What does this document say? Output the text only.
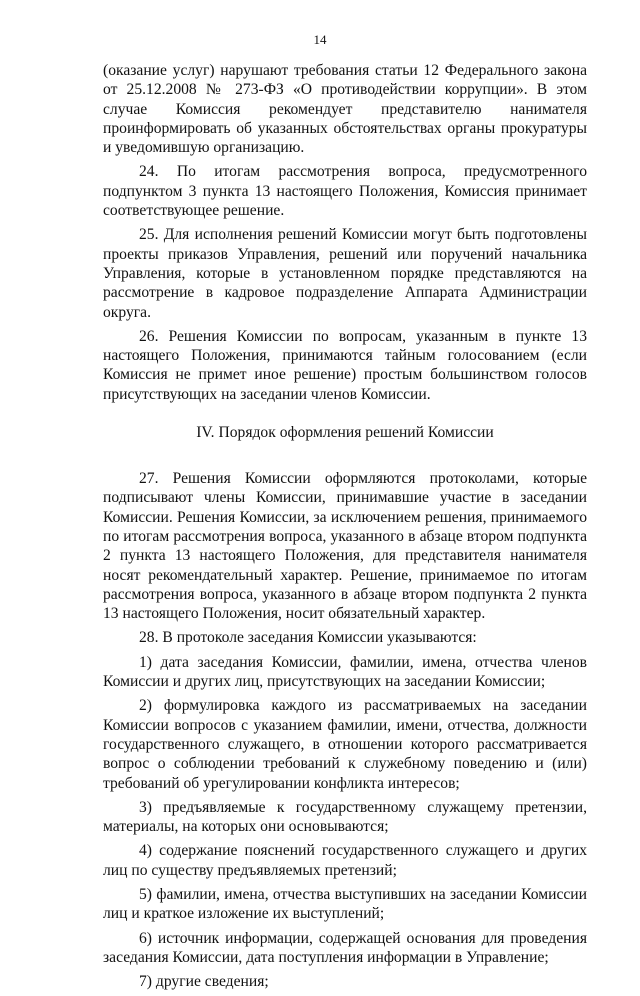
14

(оказание услуг) нарушают требования статьи 12 Федерального закона от 25.12.2008 № 273-ФЗ «О противодействии коррупции». В этом случае Комиссия рекомендует представителю нанимателя проинформировать об указанных обстоятельствах органы прокуратуры и уведомившую организацию.

24. По итогам рассмотрения вопроса, предусмотренного подпунктом 3 пункта 13 настоящего Положения, Комиссия принимает соответствующее решение.

25. Для исполнения решений Комиссии могут быть подготовлены проекты приказов Управления, решений или поручений начальника Управления, которые в установленном порядке представляются на рассмотрение в кадровое подразделение Аппарата Администрации округа.

26. Решения Комиссии по вопросам, указанным в пункте 13 настоящего Положения, принимаются тайным голосованием (если Комиссия не примет иное решение) простым большинством голосов присутствующих на заседании членов Комиссии.

IV. Порядок оформления решений Комиссии

27. Решения Комиссии оформляются протоколами, которые подписывают члены Комиссии, принимавшие участие в заседании Комиссии. Решения Комиссии, за исключением решения, принимаемого по итогам рассмотрения вопроса, указанного в абзаце втором подпункта 2 пункта 13 настоящего Положения, для представителя нанимателя носят рекомендательный характер. Решение, принимаемое по итогам рассмотрения вопроса, указанного в абзаце втором подпункта 2 пункта 13 настоящего Положения, носит обязательный характер.

28. В протоколе заседания Комиссии указываются:

1) дата заседания Комиссии, фамилии, имена, отчества членов Комиссии и других лиц, присутствующих на заседании Комиссии;

2) формулировка каждого из рассматриваемых на заседании Комиссии вопросов с указанием фамилии, имени, отчества, должности государственного служащего, в отношении которого рассматривается вопрос о соблюдении требований к служебному поведению и (или) требований об урегулировании конфликта интересов;

3) предъявляемые к государственному служащему претензии, материалы, на которых они основываются;

4) содержание пояснений государственного служащего и других лиц по существу предъявляемых претензий;

5) фамилии, имена, отчества выступивших на заседании Комиссии лиц и краткое изложение их выступлений;

6) источник информации, содержащей основания для проведения заседания Комиссии, дата поступления информации в Управление;

7) другие сведения;
